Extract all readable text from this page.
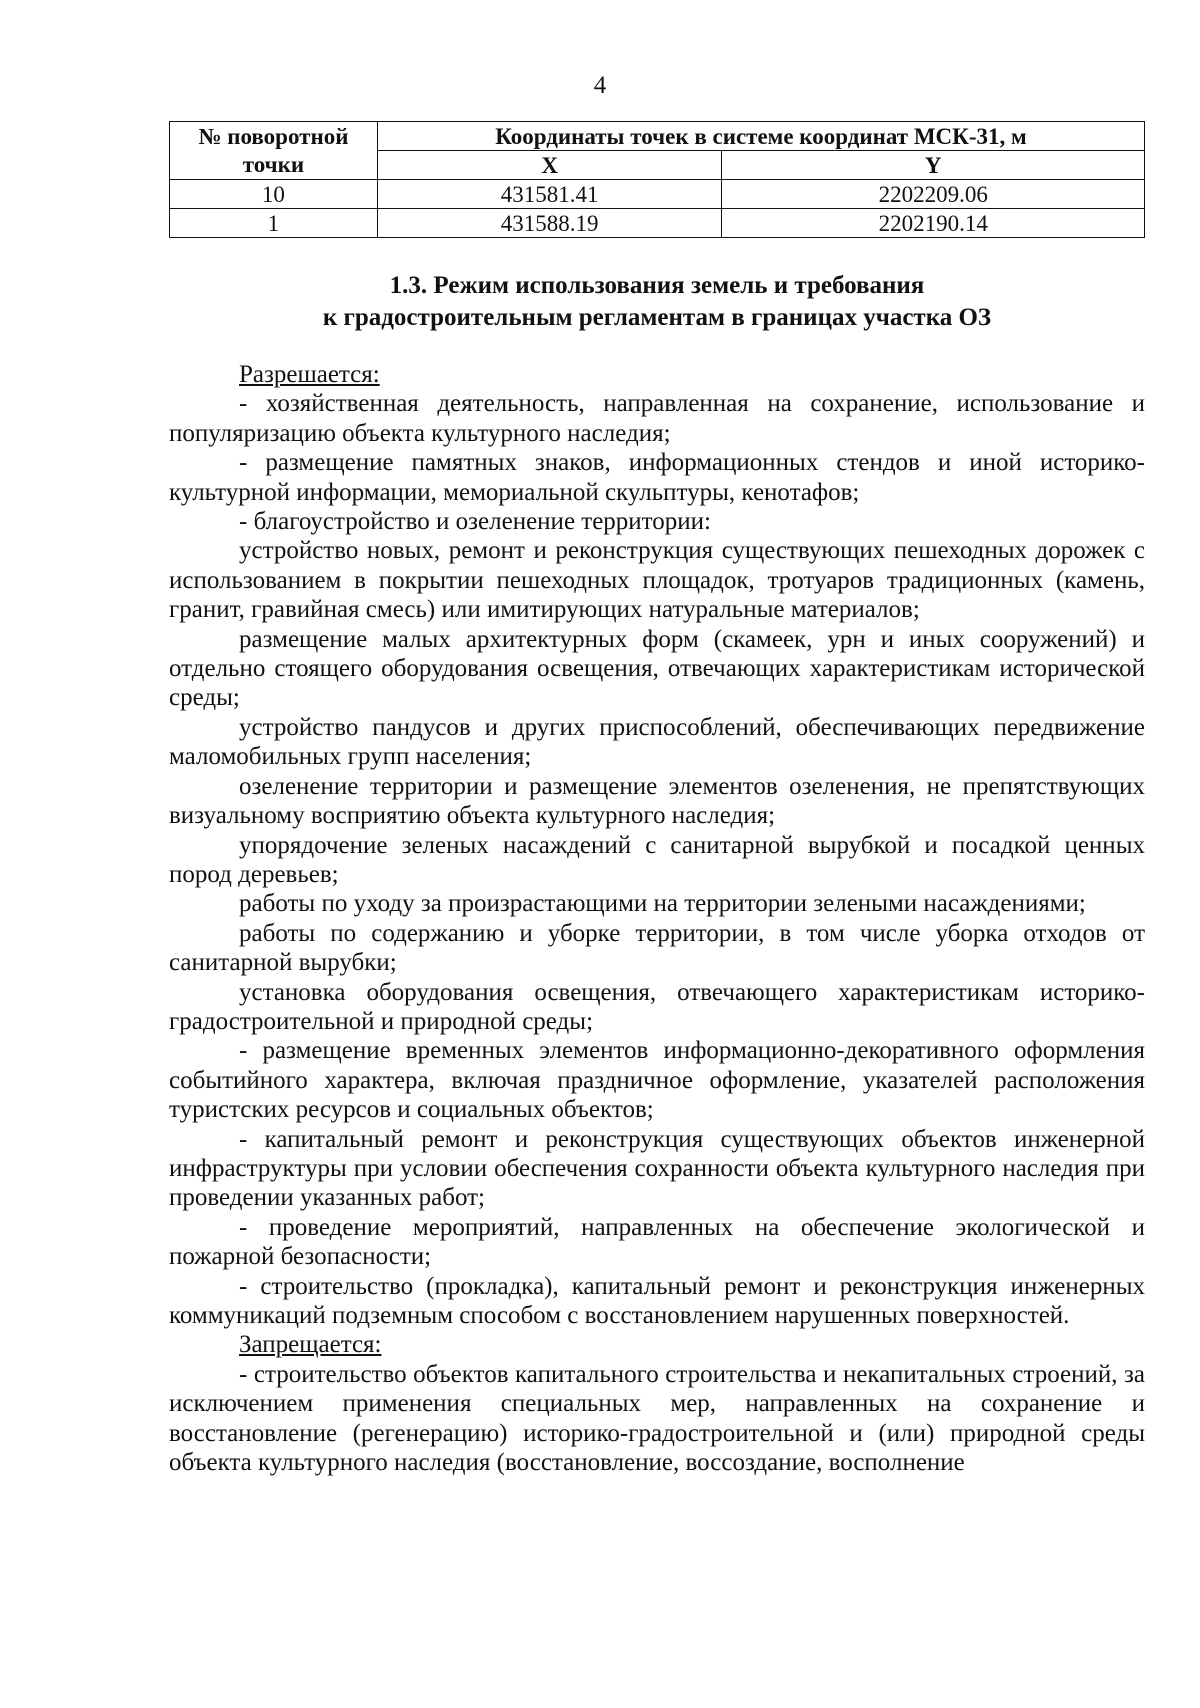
4
№ поворотной точки	Координаты точек в системе координат МСК-31, м	
	X	Y
10	431581.41	2202209.06
1	431588.19	2202190.14
1.3. Режим использования земель и требования
к градостроительным регламентам в границах участка ОЗ

Разрешается:

- хозяйственная деятельность, направленная на сохранение, использование и популяризацию объекта культурного наследия;

- размещение памятных знаков, информационных стендов и иной историко-культурной информации, мемориальной скульптуры, кенотафов;

- благоустройство и озеленение территории:

устройство новых, ремонт и реконструкция существующих пешеходных дорожек с использованием в покрытии пешеходных площадок, тротуаров традиционных (камень, гранит, гравийная смесь) или имитирующих натуральные материалов;

размещение малых архитектурных форм (скамеек, урн и иных сооружений) и отдельно стоящего оборудования освещения, отвечающих характеристикам исторической среды;

устройство пандусов и других приспособлений, обеспечивающих передвижение маломобильных групп населения;

озеленение территории и размещение элементов озеленения, не препятствующих визуальному восприятию объекта культурного наследия;

упорядочение зеленых насаждений с санитарной вырубкой и посадкой ценных пород деревьев;

работы по уходу за произрастающими на территории зелеными насаждениями;

работы по содержанию и уборке территории, в том числе уборка отходов от санитарной вырубки;

установка оборудования освещения, отвечающего характеристикам историко-градостроительной и природной среды;

- размещение временных элементов информационно-декоративного оформления событийного характера, включая праздничное оформление, указателей расположения туристских ресурсов и социальных объектов;

- капитальный ремонт и реконструкция существующих объектов инженерной инфраструктуры при условии обеспечения сохранности объекта культурного наследия при проведении указанных работ;

- проведение мероприятий, направленных на обеспечение экологической и пожарной безопасности;

- строительство (прокладка), капитальный ремонт и реконструкция инженерных коммуникаций подземным способом с восстановлением нарушенных поверхностей.

Запрещается:

- строительство объектов капитального строительства и некапитальных строений, за исключением применения специальных мер, направленных на сохранение и восстановление (регенерацию) историко-градостроительной и (или) природной среды объекта культурного наследия (восстановление, воссоздание, восполнение
